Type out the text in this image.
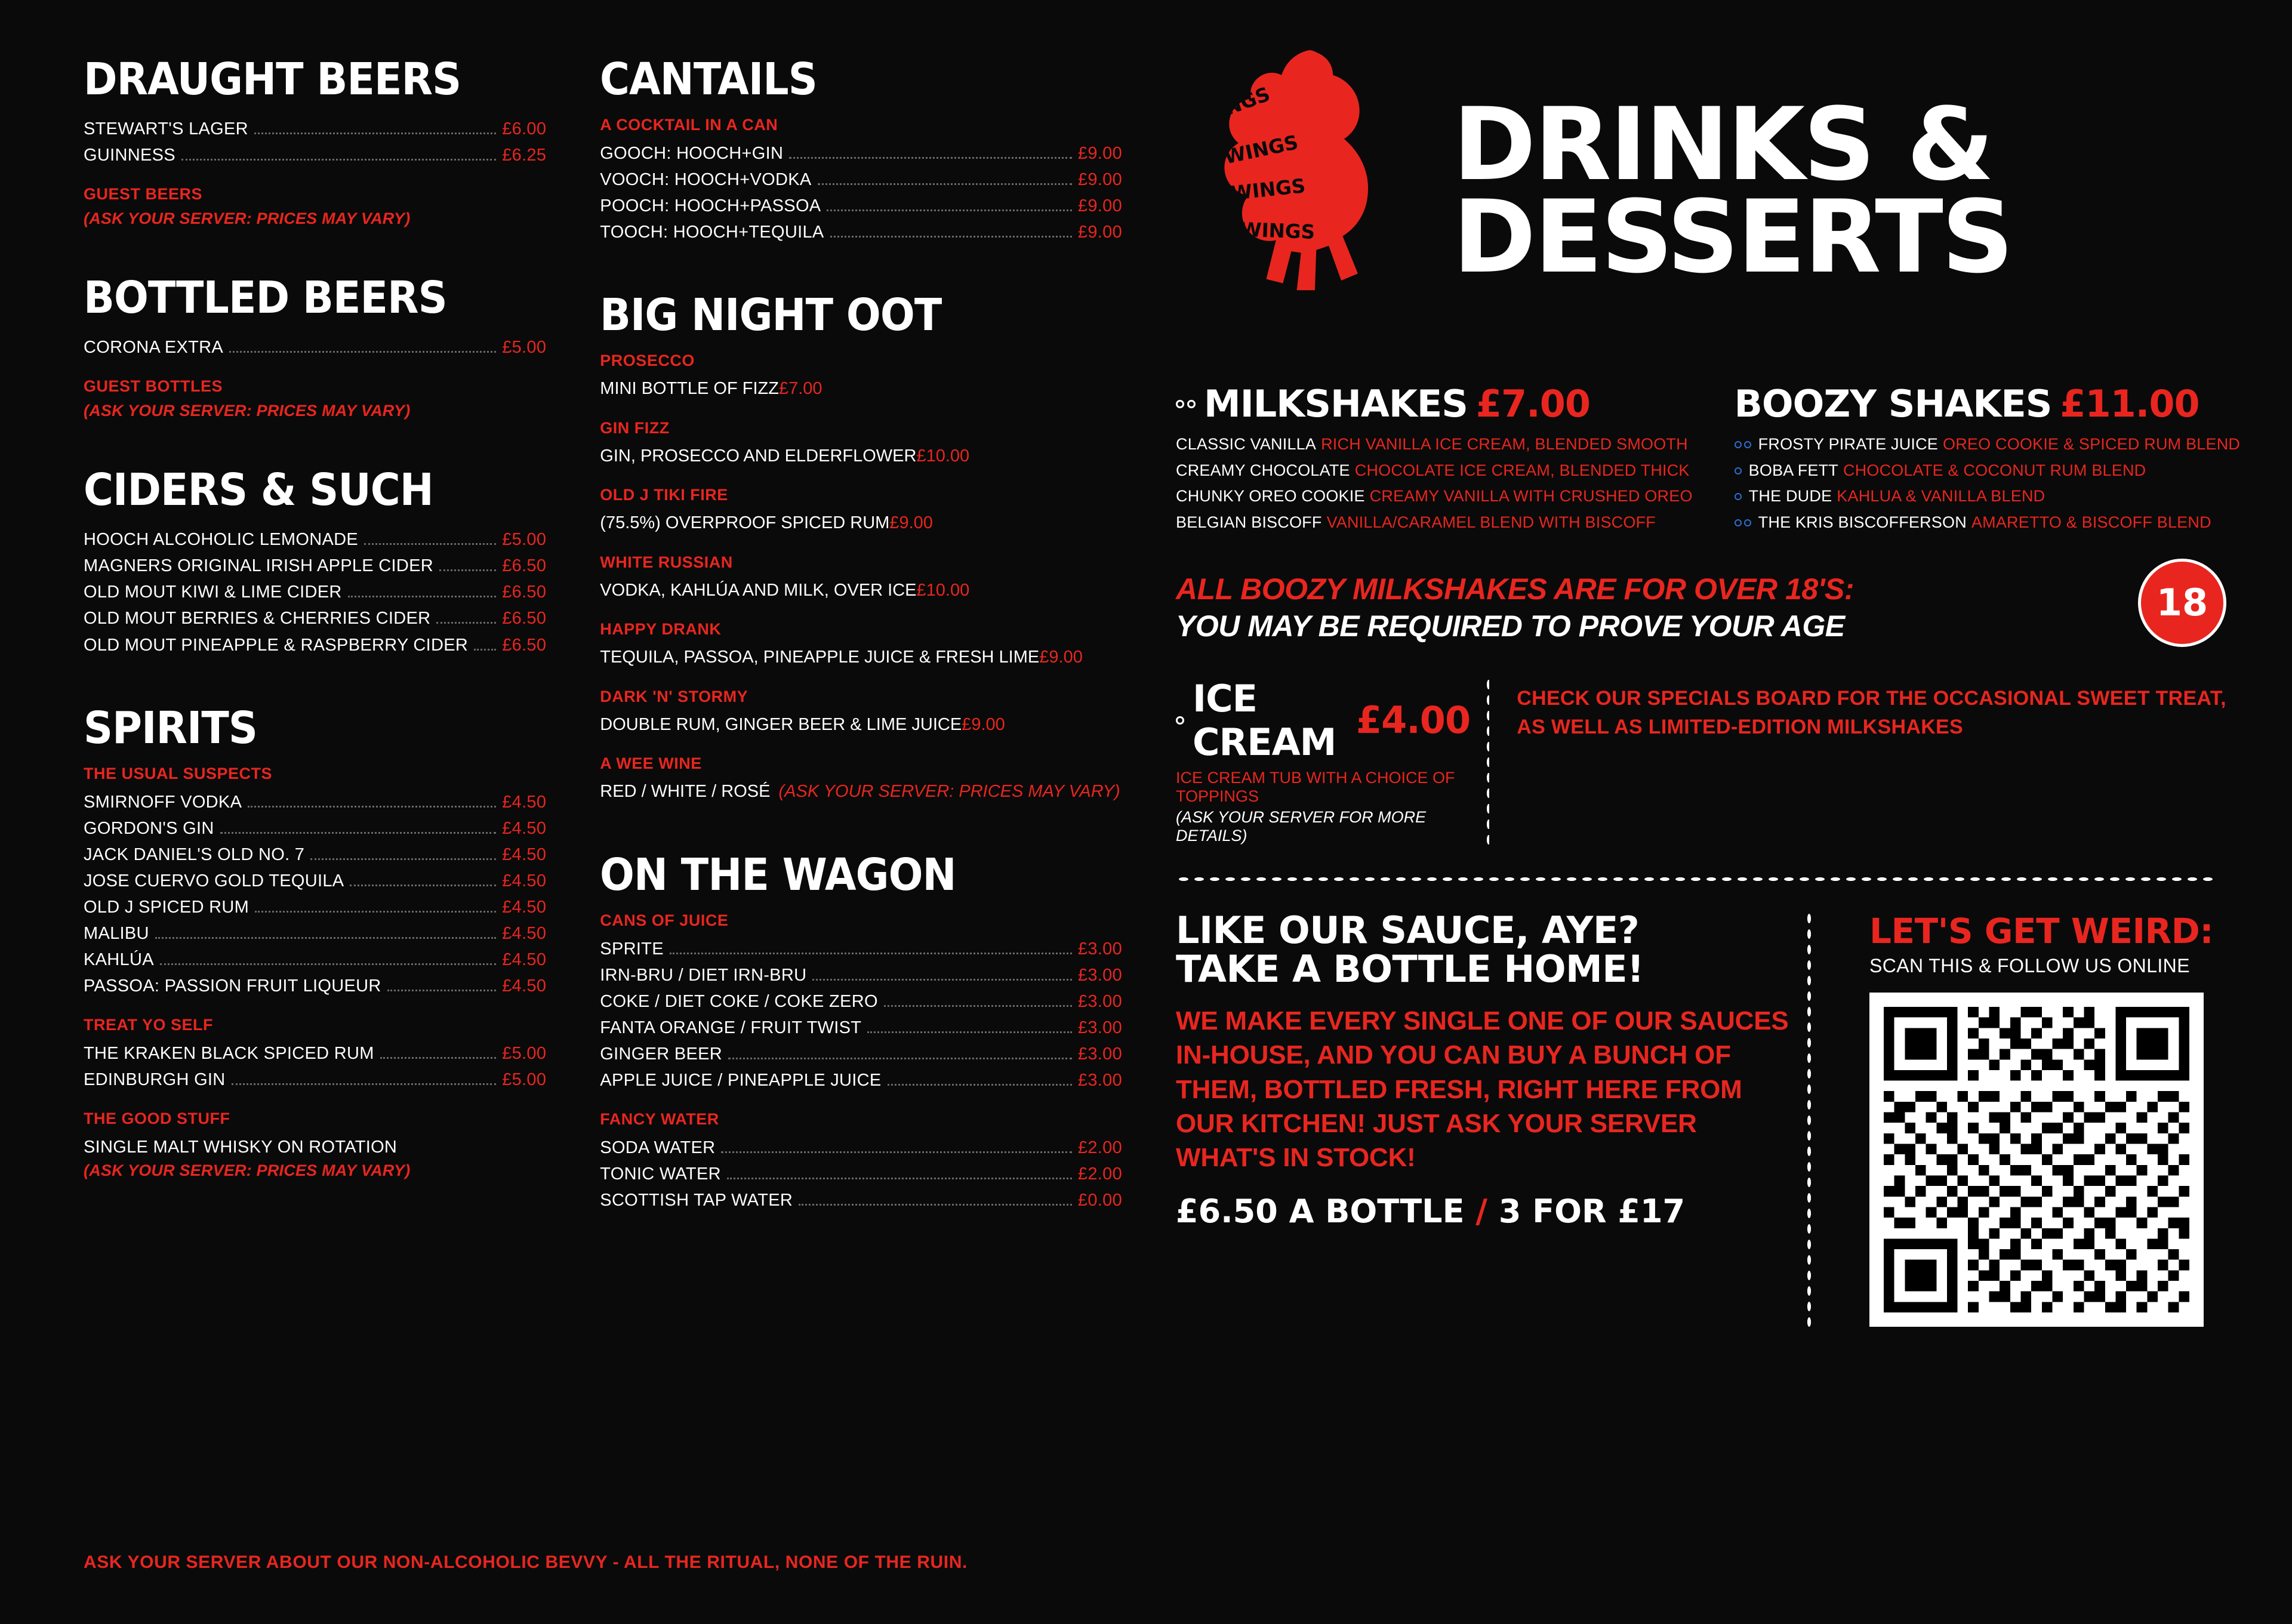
DRAUGHT BEERS
STEWART'S LAGER	£6.00
GUINNESS	£6.25
GUEST BEERS
(ASK YOUR SERVER: PRICES MAY VARY)
BOTTLED BEERS
CORONA EXTRA	£5.00
GUEST BOTTLES
(ASK YOUR SERVER: PRICES MAY VARY)
CIDERS & SUCH
HOOCH ALCOHOLIC LEMONADE	£5.00
MAGNERS ORIGINAL IRISH APPLE CIDER	£6.50
OLD MOUT KIWI & LIME CIDER	£6.50
OLD MOUT BERRIES & CHERRIES CIDER	£6.50
OLD MOUT PINEAPPLE & RASPBERRY CIDER £6.50
SPIRITS
THE USUAL SUSPECTS
SMIRNOFF VODKA	£4.50
GORDON'S GIN	£4.50
JACK DANIEL'S OLD NO. 7	£4.50
JOSE CUERVO GOLD TEQUILA	£4.50
OLD J SPICED RUM	£4.50
MALIBU	£4.50
KAHLÚA	£4.50
PASSOA: PASSION FRUIT LIQUEUR	£4.50
TREAT YO SELF
THE KRAKEN BLACK SPICED RUM	£5.00
EDINBURGH GIN	£5.00
THE GOOD STUFF
SINGLE MALT WHISKY ON ROTATION
(ASK YOUR SERVER: PRICES MAY VARY)
CANTAILS
A COCKTAIL IN A CAN
GOOCH: HOOCH+GIN	£9.00
VOOCH: HOOCH+VODKA	£9.00
POOCH: HOOCH+PASSOA	£9.00
TOOCH: HOOCH+TEQUILA	£9.00
BIG NIGHT OOT
PROSECCO
MINI BOTTLE OF FIZZ £7.00
GIN FIZZ
GIN, PROSECCO AND ELDERFLOWER £10.00
OLD J TIKI FIRE
(75.5%) OVERPROOF SPICED RUM £9.00
WHITE RUSSIAN
VODKA, KAHLÚA AND MILK, OVER ICE £10.00
HAPPY DRANK
TEQUILA, PASSOA, PINEAPPLE JUICE & FRESH LIME £9.00
DARK 'N' STORMY
DOUBLE RUM, GINGER BEER & LIME JUICE £9.00
A WEE WINE
RED / WHITE / ROSÉ (ASK YOUR SERVER: PRICES MAY VARY)
ON THE WAGON
CANS OF JUICE
SPRITE	£3.00
IRN-BRU / DIET IRN-BRU	£3.00
COKE / DIET COKE / COKE ZERO	£3.00
FANTA ORANGE / FRUIT TWIST	£3.00
GINGER BEER	£3.00
APPLE JUICE / PINEAPPLE JUICE	£3.00
FANCY WATER
SODA WATER	£2.00
TONIC WATER	£2.00
SCOTTISH TAP WATER	£0.00
ASK YOUR SERVER ABOUT OUR NON-ALCOHOLIC BEVVY - ALL THE RITUAL, NONE OF THE RUIN.
WINGS
WINGS
WINGS
WINGS
DRINKS &
DESSERTS
MILKSHAKES £7.00
CLASSIC VANILLA RICH VANILLA ICE CREAM, BLENDED SMOOTH
CREAMY CHOCOLATE CHOCOLATE ICE CREAM, BLENDED THICK
CHUNKY OREO COOKIE CREAMY VANILLA WITH CRUSHED OREO
BELGIAN BISCOFF VANILLA/CARAMEL BLEND WITH BISCOFF
BOOZY SHAKES £11.00
FROSTY PIRATE JUICE OREO COOKIE & SPICED RUM BLEND
BOBA FETT CHOCOLATE & COCONUT RUM BLEND
THE DUDE KAHLUA & VANILLA BLEND
THE KRIS BISCOFFERSON AMARETTO & BISCOFF BLEND
ALL BOOZY MILKSHAKES ARE FOR OVER 18'S:
YOU MAY BE REQUIRED TO PROVE YOUR AGE
18
ICE CREAM £4.00
ICE CREAM TUB WITH A CHOICE OF TOPPINGS
(ASK YOUR SERVER FOR MORE DETAILS)
CHECK OUR SPECIALS BOARD FOR THE OCCASIONAL SWEET TREAT, AS WELL AS LIMITED-EDITION MILKSHAKES
LIKE OUR SAUCE, AYE?
TAKE A BOTTLE HOME!

WE MAKE EVERY SINGLE ONE OF OUR SAUCES IN-HOUSE, AND YOU CAN BUY A BUNCH OF THEM, BOTTLED FRESH, RIGHT HERE FROM OUR KITCHEN! JUST ASK YOUR SERVER WHAT'S IN STOCK!

£6.50 A BOTTLE / 3 FOR £17
LET'S GET WEIRD:
SCAN THIS & FOLLOW US ONLINE
